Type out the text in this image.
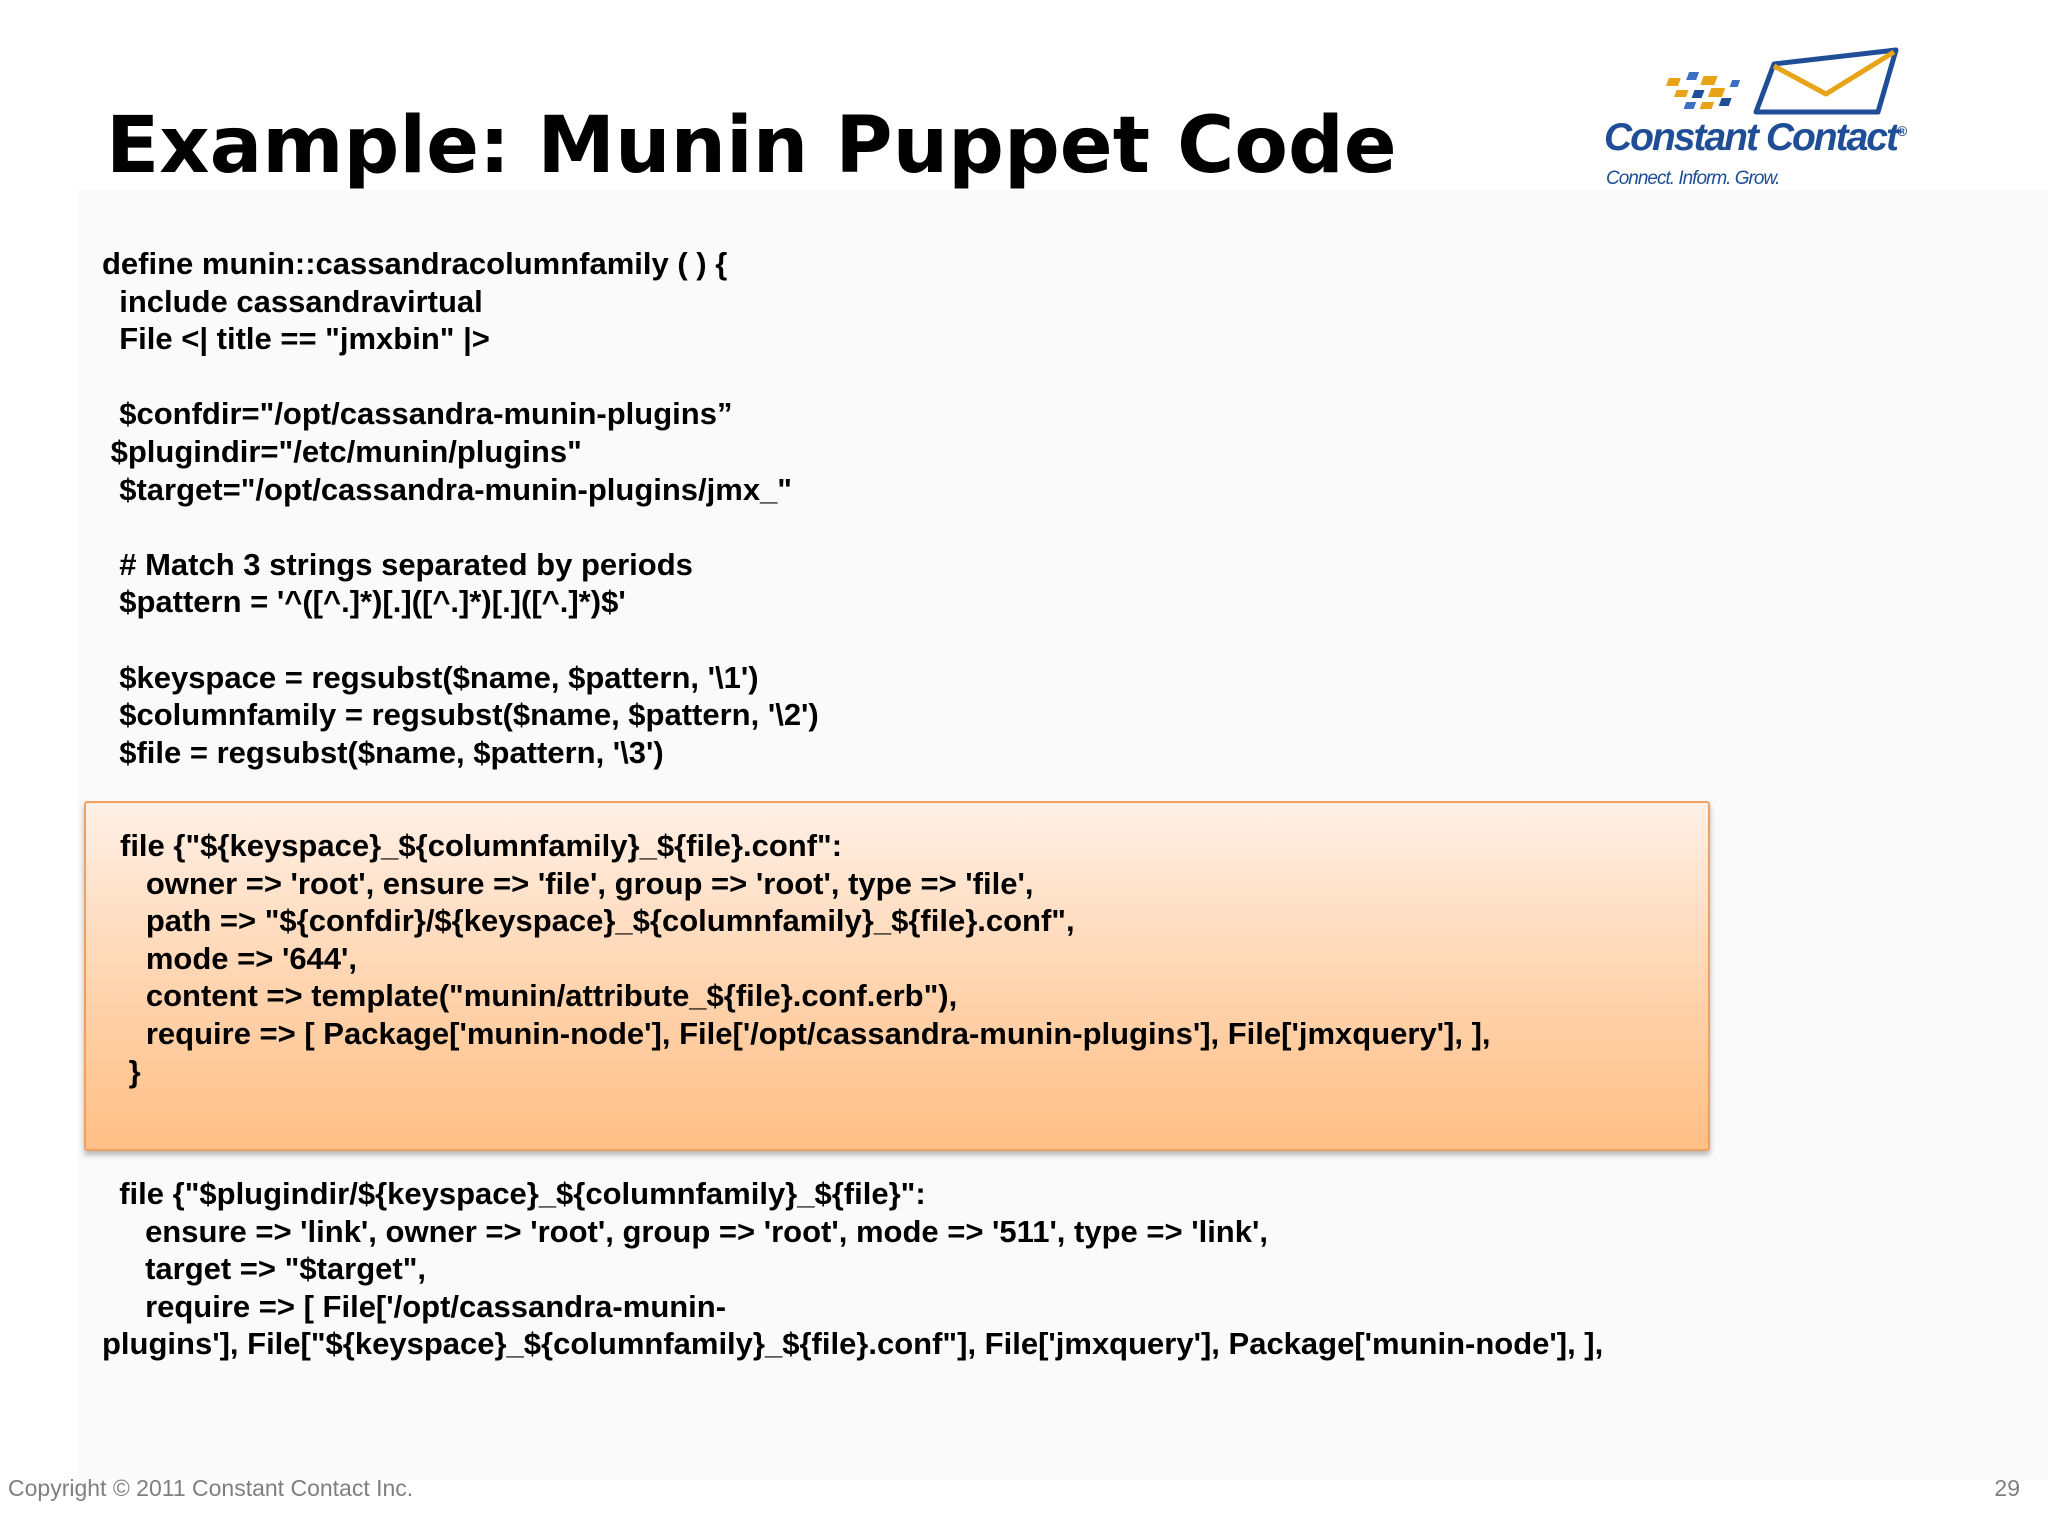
Example: Munin Puppet Code	Constant Contact®
Connect. Inform. Grow.
define munin::cassandracolumnfamily ( ) {
include cassandravirtual
File <| title == "jmxbin" |>

$confdir="/opt/cassandra-munin-plugins”
$plugindir="/etc/munin/plugins"
$target="/opt/cassandra-munin-plugins/jmx_"

# Match 3 strings separated by periods
$pattern = '^([^.]*)[.]([^.]*)[.]([^.]*)$'

$keyspace = regsubst($name, $pattern, '\1')
$columnfamily = regsubst($name, $pattern, '\2')
$file = regsubst($name, $pattern, '\3')
file {"${keyspace}_${columnfamily}_${file}.conf":
owner => 'root', ensure => 'file', group => 'root', type => 'file',
path => "${confdir}/${keyspace}_${columnfamily}_${file}.conf",
mode => '644',
content => template("munin/attribute_${file}.conf.erb"),
require => [ Package['munin-node'], File['/opt/cassandra-munin-plugins'], File['jmxquery'], ],
}
file {"$plugindir/${keyspace}_${columnfamily}_${file}":
ensure => 'link', owner => 'root', group => 'root', mode => '511', type => 'link',
target => "$target",
require => [ File['/opt/cassandra-munin-
plugins'], File["${keyspace}_${columnfamily}_${file}.conf"], File['jmxquery'], Package['munin-node'], ],
Copyright © 2011 Constant Contact Inc.	29
